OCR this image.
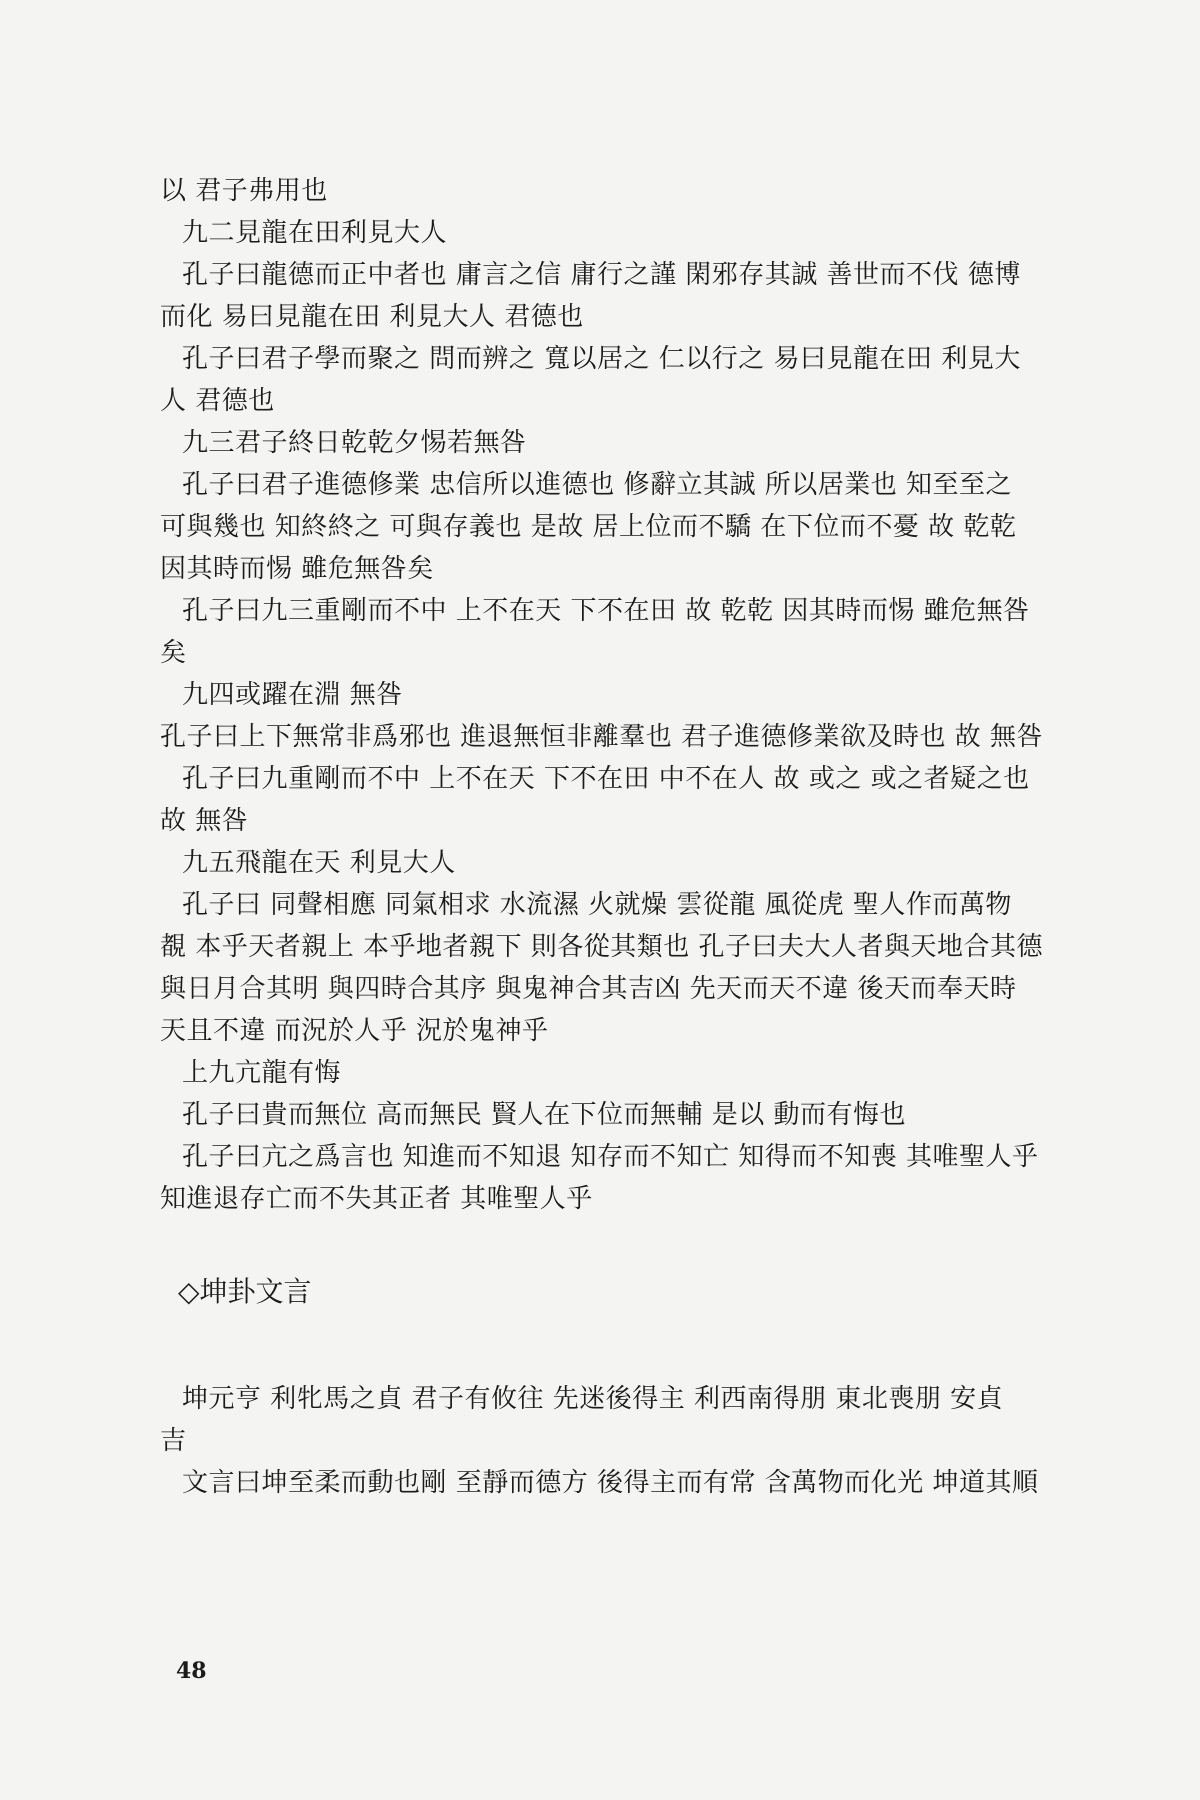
以 君子弗用也
九二見龍在田利見大人
孔子曰龍德而正中者也 庸言之信 庸行之謹 閑邪存其誠 善世而不伐 德博
而化 易曰見龍在田 利見大人 君德也
孔子曰君子學而聚之 問而辨之 寬以居之 仁以行之 易曰見龍在田 利見大
人 君德也
九三君子終日乾乾夕惕若無咎
孔子曰君子進德修業 忠信所以進德也 修辭立其誠 所以居業也 知至至之
可與幾也 知終終之 可與存義也 是故 居上位而不驕 在下位而不憂 故 乾乾
因其時而惕 雖危無咎矣
孔子曰九三重剛而不中 上不在天 下不在田 故 乾乾 因其時而惕 雖危無咎
矣
九四或躍在淵 無咎
孔子曰上下無常非爲邪也 進退無恒非離羣也 君子進德修業欲及時也 故 無咎
孔子曰九重剛而不中 上不在天 下不在田 中不在人 故 或之 或之者疑之也
故 無咎
九五飛龍在天 利見大人
孔子曰 同聲相應 同氣相求 水流濕 火就燥 雲從龍 風從虎 聖人作而萬物
覩 本乎天者親上 本乎地者親下 則各從其類也 孔子曰夫大人者與天地合其德
與日月合其明 與四時合其序 與鬼神合其吉凶 先天而天不違 後天而奉天時
天且不違 而況於人乎 況於鬼神乎
上九亢龍有悔
孔子曰貴而無位 高而無民 賢人在下位而無輔 是以 動而有悔也
孔子曰亢之爲言也 知進而不知退 知存而不知亡 知得而不知喪 其唯聖人乎
知進退存亡而不失其正者 其唯聖人乎
◇坤卦文言
坤元亨 利牝馬之貞 君子有攸往 先迷後得主 利西南得朋 東北喪朋 安貞
吉
文言曰坤至柔而動也剛 至靜而德方 後得主而有常 含萬物而化光 坤道其順
48
